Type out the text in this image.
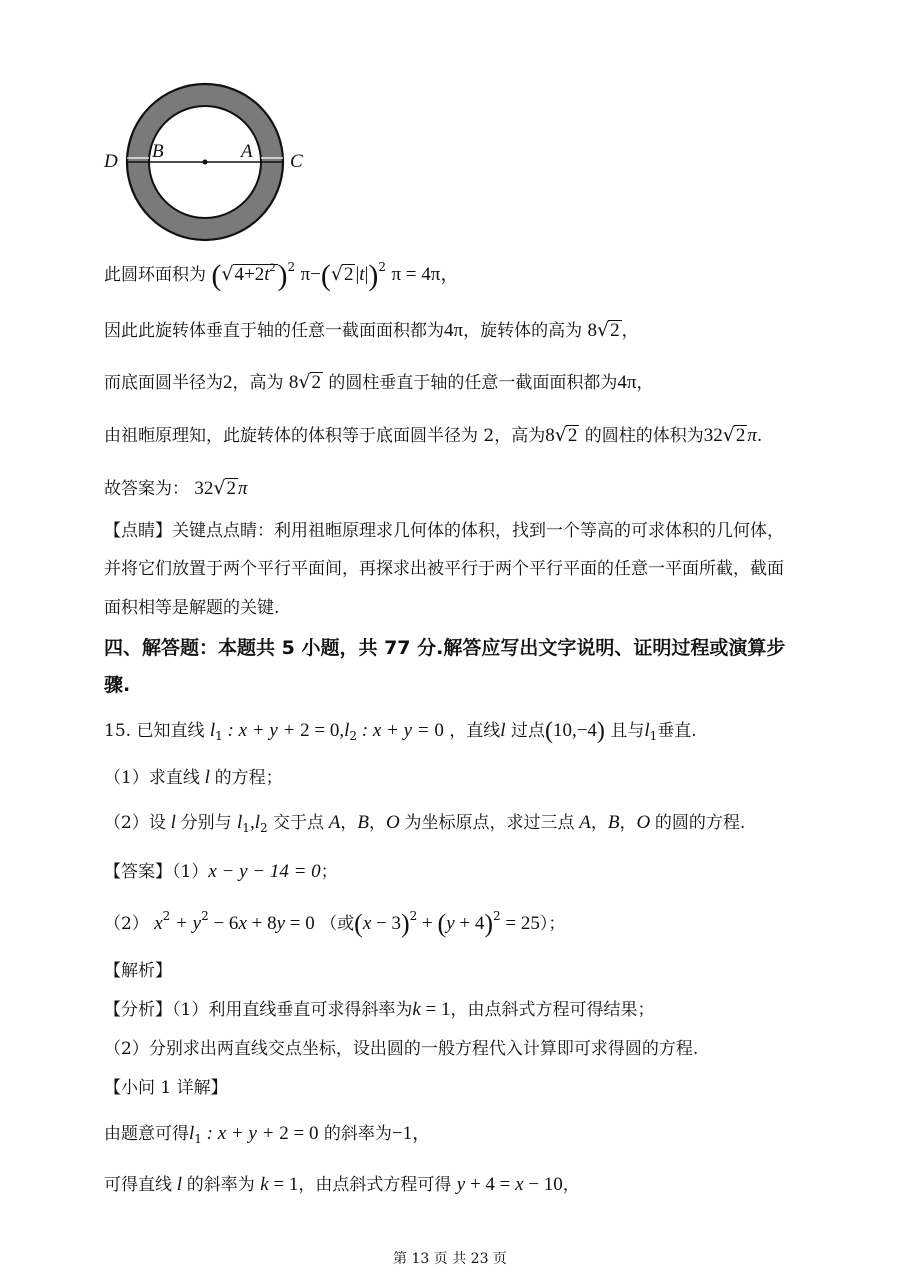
D B	A C
此圆环面积为 $(√4+2t^2)^2$ π−(√2 |t|)$^2$ π = 4π，
因此此旋转体垂直于轴的任意一截面面积都为4π，旋转体的高为 8√2 ，
而底面圆半径为2，高为 8√2 的圆柱垂直于轴的任意一截面面积都为4π，
由祖暅原理知，此旋转体的体积等于底面圆半径为 2，高为8√2 的圆柱的体积为32√2 π.
故答案为： 32√2 π
【点睛】关键点点睛：利用祖暅原理求几何体的体积，找到一个等高的可求体积的几何体，
并将它们放置于两个平行平面间，再探求出被平行于两个平行平面的任意一平面所截，截面
面积相等是解题的关键.
四、解答题：本题共 5 小题，共 77 分.解答应写出文字说明、证明过程或演算步
骤.
15. 已知直线 $l_1$ : $x + y + 2 = 0,l_2$ : x + y = 0 ，直线l 过点(10,−4) 且与$l_1$垂直.
（1）求直线 l 的方程；
（2）设 l 分别与 $l_1,l_2$ 交于点 A，B，O 为坐标原点，求过三点 A，B，O 的圆的方程.
【答案】（1）x − y − 14 = 0；
（2） $x^2 + y^2 - 6x + 8y = 0$ （或$(x - 3)^2 + (y + 4)^2 = 25$）；
【解析】
【分析】（1）利用直线垂直可求得斜率为k = 1，由点斜式方程可得结果；
（2）分别求出两直线交点坐标，设出圆的一般方程代入计算即可求得圆的方程.
【小问 1 详解】
由题意可得$l_1$ : x + y + 2 = 0 的斜率为−1，
可得直线 l 的斜率为 k = 1，由点斜式方程可得 y + 4 = x − 10，
第 13 页 共 23 页
